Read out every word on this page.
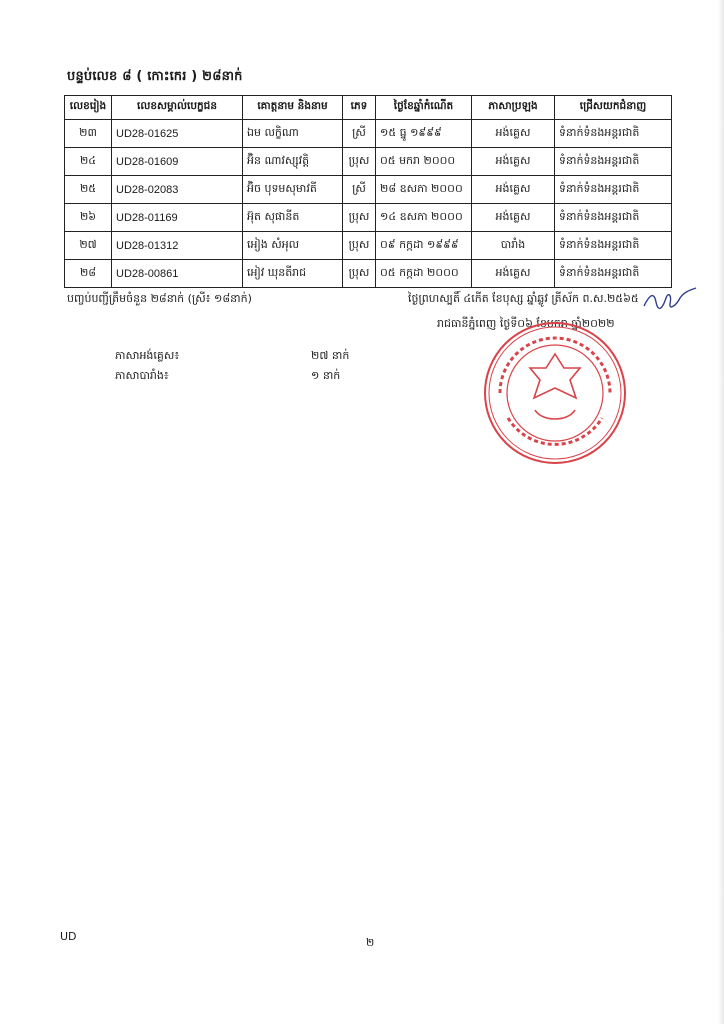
បន្ទប់លេខ ៨ ( កោះកេរ ) ២៨នាក់
លេខរៀង	លេខសម្គាល់បេក្ខជន	គោត្តនាម និងនាម	ភេទ	ថ្ងៃខែឆ្នាំកំណើត	ភាសាប្រឡង	ជ្រើសយកជំនាញ
២៣	UD28-01625	ឯម លក្ខិណា	ស្រី	១៥ ធ្នូ ១៩៩៩	អង់គ្លេស	ទំនាក់ទំនងអន្តរជាតិ
២៤	UD28-01609	អ៊ិន ណាវស្សុវត្តិ	ប្រុស	០៥ មករា ២០០០	អង់គ្លេស	ទំនាក់ទំនងអន្តរជាតិ
២៥	UD28-02083	អ៊ិច បុទមសុមាវតី	ស្រី	២៨ ឧសភា ២០០០	អង់គ្លេស	ទំនាក់ទំនងអន្តរជាតិ
២៦	UD28-01169	អ៊ុត សុផានីត	ប្រុស	១៤ ឧសភា ២០០០	អង់គ្លេស	ទំនាក់ទំនងអន្តរជាតិ
២៧	UD28-01312	អៀង សំអុល	ប្រុស	០៩ កក្កដា ១៩៩៩	បារាំង	ទំនាក់ទំនងអន្តរជាតិ
២៨	UD28-00861	អៀវ ឃុនតីរាជ	ប្រុស	០៥ កក្កដា ២០០០	អង់គ្លេស	ទំនាក់ទំនងអន្តរជាតិ
បញ្ចប់បញ្ជីត្រឹមចំនួន ២៨នាក់ (ស្រី៖ ១៨នាក់)	ថ្ងៃព្រហស្បតិ៍ ៤កើត ខែបុស្ស ឆ្នាំឆ្លូវ ត្រីស័ក ព.ស.២៥៦៥
រាជធានីភ្នំពេញ ថ្ងៃទី០៦ ខែមករា ឆ្នាំ២០២២
ភាសាអង់គ្លេស៖	២៧ នាក់
ភាសាបារាំង៖	១ នាក់
UD	២
